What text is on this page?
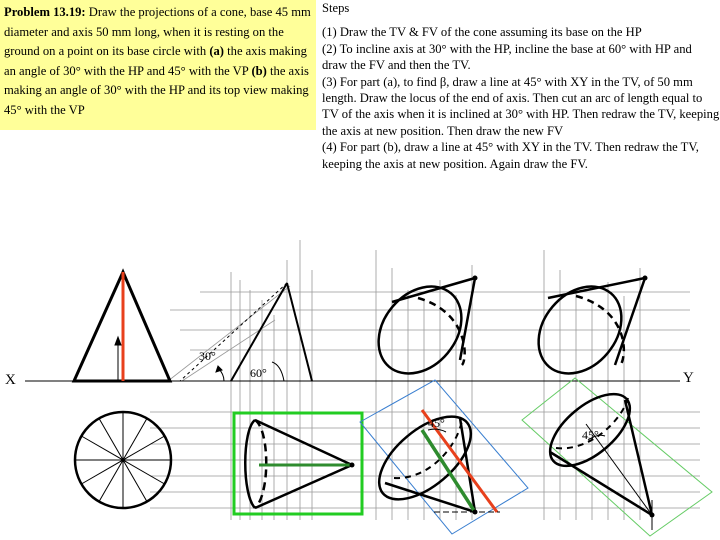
Problem 13.19: Draw the projections of a cone, base 45 mm diameter and axis 50 mm long, when it is resting on the ground on a point on its base circle with (a) the axis making an angle of 30° with the HP and 45° with the VP (b) the axis making an angle of 30° with the HP and its top view making 45° with the VP

Steps

(1) Draw the TV & FV of the cone assuming its base on the HP

(2) To incline axis at 30° with the HP, incline the base at 60° with HP and draw the FV and then the TV.

(3) For part (a), to find β, draw a line at 45° with XY in the TV, of 50 mm length. Draw the locus of the end of axis. Then cut an arc of length equal to TV of the axis when it is inclined at 30° with HP. Then redraw the TV, keeping the axis at new position. Then draw the new FV

(4) For part (b), draw a line at 45° with XY in the TV. Then redraw the TV, keeping the axis at new position. Again draw the FV.

X	Y
30°
60°
45°
45°
